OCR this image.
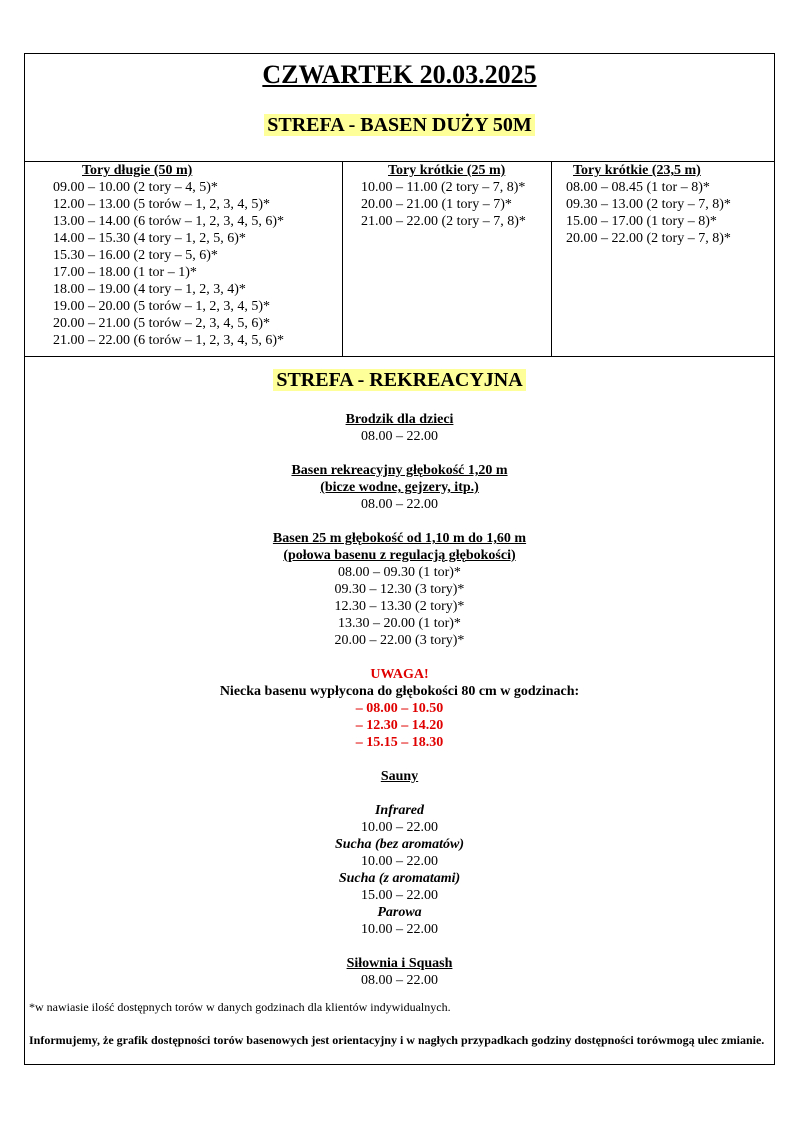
CZWARTEK 20.03.2025
STREFA - BASEN DUŻY 50M
Tory długie (50 m)
09.00 – 10.00 (2 tory – 4, 5)*
12.00 – 13.00 (5 torów – 1, 2, 3, 4, 5)*
13.00 – 14.00 (6 torów – 1, 2, 3, 4, 5, 6)*
14.00 – 15.30 (4 tory – 1, 2, 5, 6)*
15.30 – 16.00 (2 tory – 5, 6)*
17.00 – 18.00 (1 tor – 1)*
18.00 – 19.00 (4 tory – 1, 2, 3, 4)*
19.00 – 20.00 (5 torów – 1, 2, 3, 4, 5)*
20.00 – 21.00 (5 torów – 2, 3, 4, 5, 6)*
21.00 – 22.00 (6 torów – 1, 2, 3, 4, 5, 6)*
Tory krótkie (25 m)
10.00 – 11.00 (2 tory – 7, 8)*
20.00 – 21.00 (1 tory – 7)*
21.00 – 22.00 (2 tory – 7, 8)*
Tory krótkie (23,5 m)
08.00 – 08.45 (1 tor – 8)*
09.30 – 13.00 (2 tory – 7, 8)*
15.00 – 17.00 (1 tory – 8)*
20.00 – 22.00 (2 tory – 7, 8)*
STREFA - REKREACYJNA
Brodzik dla dzieci
08.00 – 22.00
Basen rekreacyjny głębokość 1,20 m
(bicze wodne, gejzery, itp.)
08.00 – 22.00
Basen 25 m głębokość od 1,10 m do 1,60 m
(połowa basenu z regulacją głębokości)
08.00 – 09.30 (1 tor)*
09.30 – 12.30 (3 tory)*
12.30 – 13.30 (2 tory)*
13.30 – 20.00 (1 tor)*
20.00 – 22.00 (3 tory)*
UWAGA!
Niecka basenu wypłycona do głębokości 80 cm w godzinach:
– 08.00 – 10.50
– 12.30 – 14.20
– 15.15 – 18.30
Sauny
Infrared
10.00 – 22.00
Sucha (bez aromatów)
10.00 – 22.00
Sucha (z aromatami)
15.00 – 22.00
Parowa
10.00 – 22.00
Siłownia i Squash
08.00 – 22.00
*w nawiasie ilość dostępnych torów w danych godzinach dla klientów indywidualnych.
Informujemy, że grafik dostępności torów basenowych jest orientacyjny i w nagłych przypadkach godziny dostępności torówmogą ulec zmianie.
